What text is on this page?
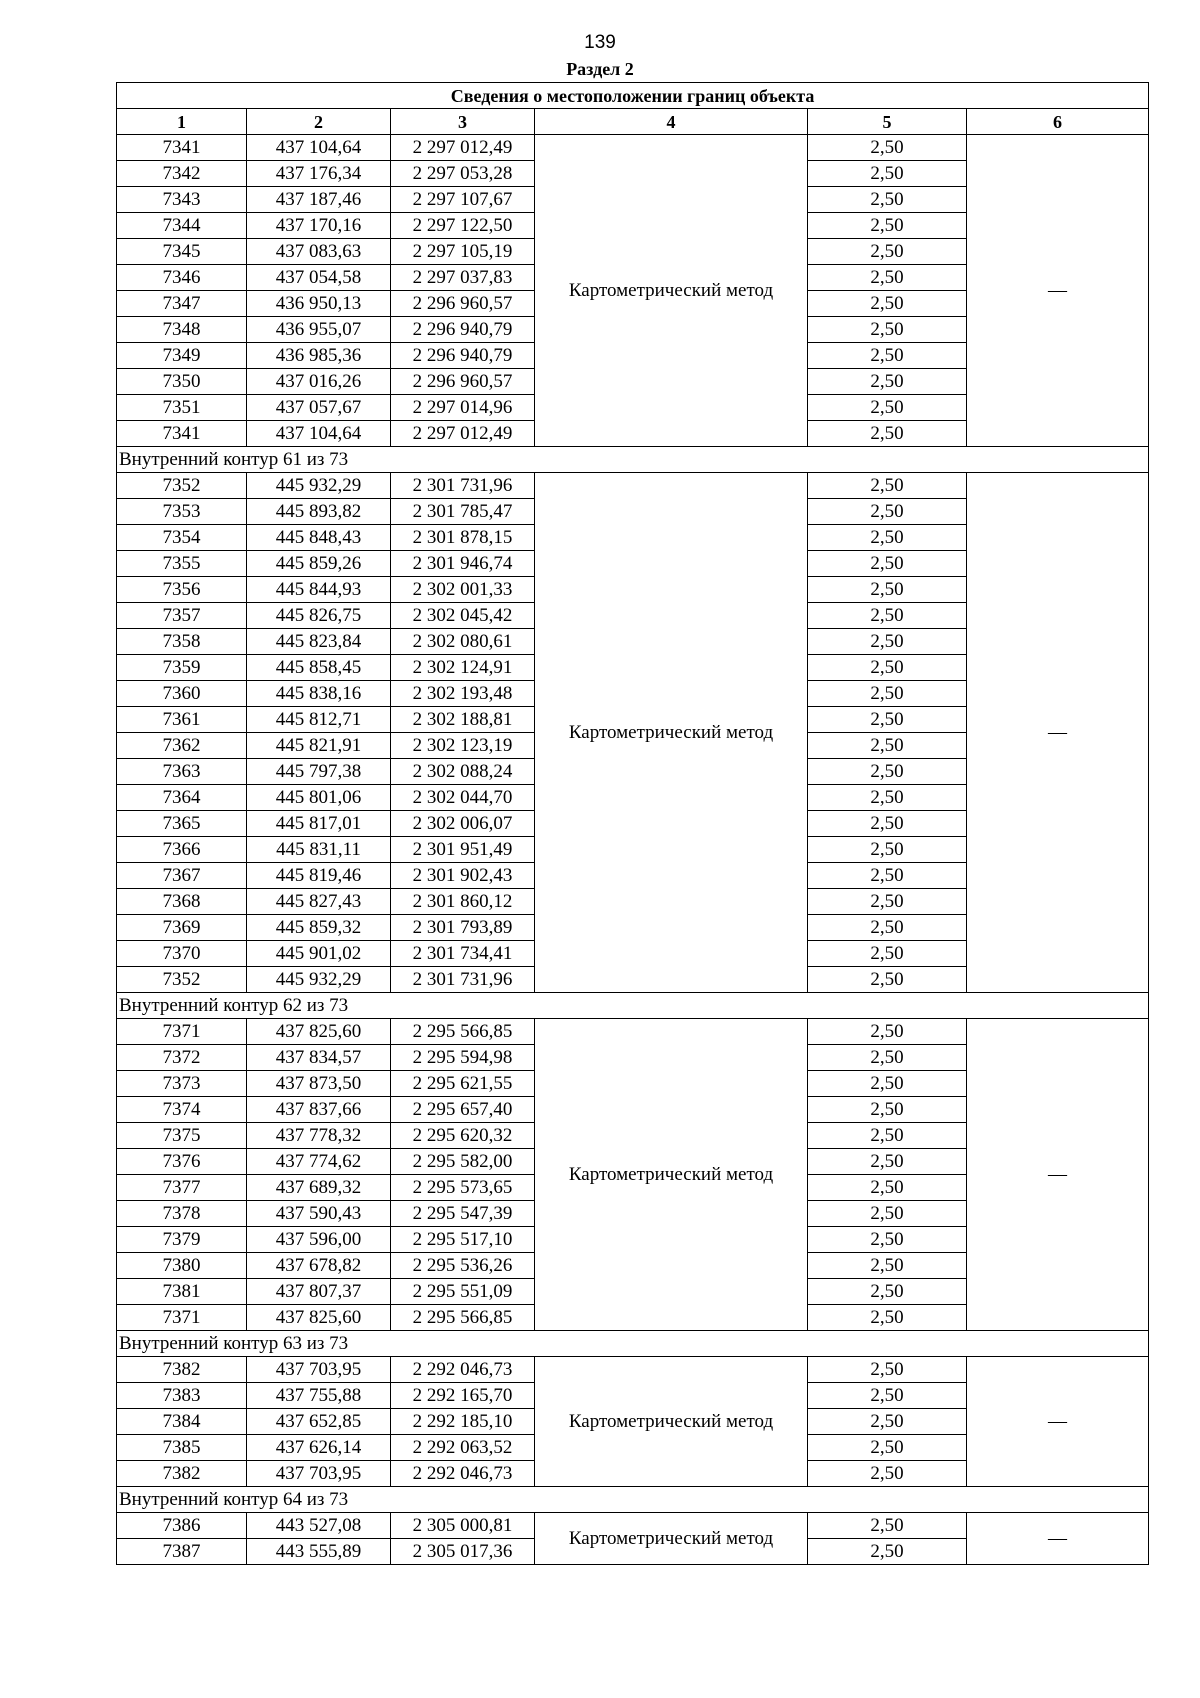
139
Раздел 2
Сведения о местоположении границ объекта					
1	2	3	4	5	6
7341	437 104,64	2 297 012,49	Картометрический метод	2,50	—
7342	437 176,34	2 297 053,28		2,50	
7343	437 187,46	2 297 107,67		2,50	
7344	437 170,16	2 297 122,50		2,50	
7345	437 083,63	2 297 105,19		2,50	
7346	437 054,58	2 297 037,83		2,50	
7347	436 950,13	2 296 960,57		2,50	
7348	436 955,07	2 296 940,79		2,50	
7349	436 985,36	2 296 940,79		2,50	
7350	437 016,26	2 296 960,57		2,50	
7351	437 057,67	2 297 014,96		2,50	
7341	437 104,64	2 297 012,49		2,50	
Внутренний контур 61 из 73					
7352	445 932,29	2 301 731,96	Картометрический метод	2,50	—
7353	445 893,82	2 301 785,47		2,50	
7354	445 848,43	2 301 878,15		2,50	
7355	445 859,26	2 301 946,74		2,50	
7356	445 844,93	2 302 001,33		2,50	
7357	445 826,75	2 302 045,42		2,50	
7358	445 823,84	2 302 080,61		2,50	
7359	445 858,45	2 302 124,91		2,50	
7360	445 838,16	2 302 193,48		2,50	
7361	445 812,71	2 302 188,81		2,50	
7362	445 821,91	2 302 123,19		2,50	
7363	445 797,38	2 302 088,24		2,50	
7364	445 801,06	2 302 044,70		2,50	
7365	445 817,01	2 302 006,07		2,50	
7366	445 831,11	2 301 951,49		2,50	
7367	445 819,46	2 301 902,43		2,50	
7368	445 827,43	2 301 860,12		2,50	
7369	445 859,32	2 301 793,89		2,50	
7370	445 901,02	2 301 734,41		2,50	
7352	445 932,29	2 301 731,96		2,50	
Внутренний контур 62 из 73					
7371	437 825,60	2 295 566,85	Картометрический метод	2,50	—
7372	437 834,57	2 295 594,98		2,50	
7373	437 873,50	2 295 621,55		2,50	
7374	437 837,66	2 295 657,40		2,50	
7375	437 778,32	2 295 620,32		2,50	
7376	437 774,62	2 295 582,00		2,50	
7377	437 689,32	2 295 573,65		2,50	
7378	437 590,43	2 295 547,39		2,50	
7379	437 596,00	2 295 517,10		2,50	
7380	437 678,82	2 295 536,26		2,50	
7381	437 807,37	2 295 551,09		2,50	
7371	437 825,60	2 295 566,85		2,50	
Внутренний контур 63 из 73					
7382	437 703,95	2 292 046,73	Картометрический метод	2,50	—
7383	437 755,88	2 292 165,70		2,50	
7384	437 652,85	2 292 185,10		2,50	
7385	437 626,14	2 292 063,52		2,50	
7382	437 703,95	2 292 046,73		2,50	
Внутренний контур 64 из 73					
7386	443 527,08	2 305 000,81	Картометрический метод	2,50	—
7387	443 555,89	2 305 017,36		2,50	
